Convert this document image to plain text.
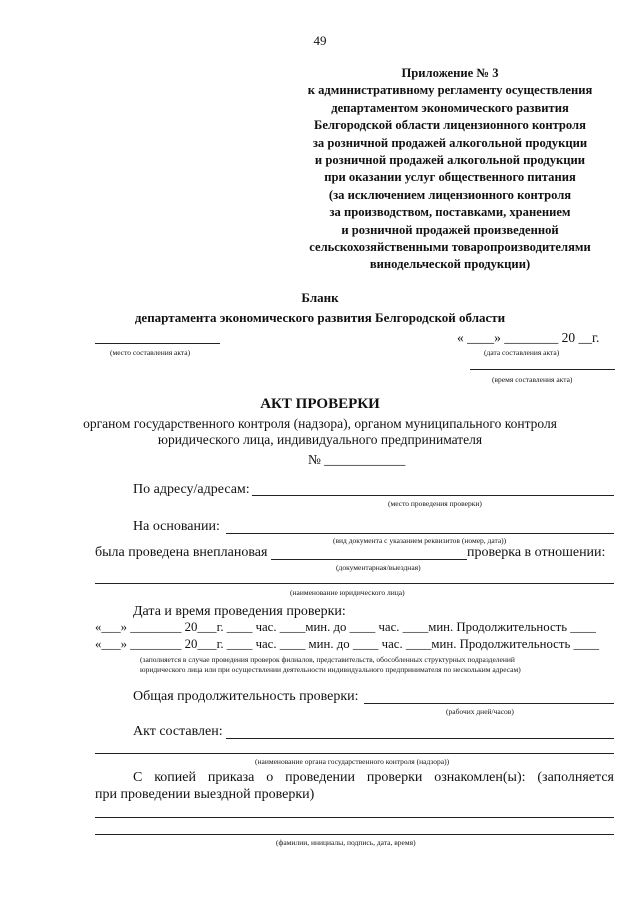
49
Приложение № 3
к административному регламенту осуществления
департаментом экономического развития
Белгородской области лицензионного контроля
за розничной продажей алкогольной продукции
и розничной продажей алкогольной продукции
при оказании услуг общественного питания
(за исключением лицензионного контроля
за производством, поставками, хранением
и розничной продажей произведенной
сельскохозяйственными товаропроизводителями
винодельческой продукции)
Бланк
департамента экономического развития Белгородской области
(место составления акта)
« ____» ________ 20 __г.
(дата составления акта)
(время составления акта)
АКТ ПРОВЕРКИ
органом государственного контроля (надзора), органом муниципального контроля
юридического лица, индивидуального предпринимателя
№ ____________
По адресу/адресам:
(место проведения проверки)
На основании:
(вид документа с указанием реквизитов (номер, дата))
была проведена внеплановая	проверка в отношении:
(документарная/выездная)
(наименование юридического лица)
Дата и время проведения проверки:
«___» ________ 20___г. ____ час. ____мин. до ____ час. ____мин. Продолжительность ____
«___» ________ 20___г. ____ час. ____ мин. до ____ час. ____мин. Продолжительность ____
(заполняется в случае проведения проверок филиалов, представительств, обособленных структурных подразделений
юридического лица или при осуществлении деятельности индивидуального предпринимателя по нескольким адресам)
Общая продолжительность проверки:
(рабочих дней/часов)
Акт составлен:
(наименование органа государственного контроля (надзора))
С копией приказа о проведении проверки ознакомлен(ы): (заполняется
при проведении выездной проверки)
(фамилии, инициалы, подпись, дата, время)
